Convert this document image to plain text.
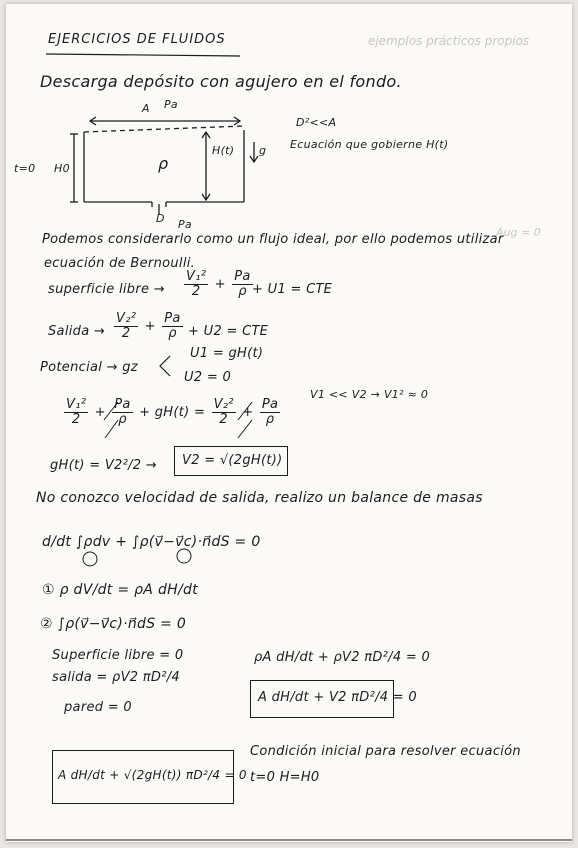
ejemplos prácticos propios
Aug = 0
EJERCICIOS DE FLUIDOS
Descarga depósito con agujero en el fondo.
A Pa
ρ
H(t) g
t=0 H0
D Pa
D²<<A
Ecuación que gobierne H(t)
Podemos considerarlo como un flujo ideal, por ello podemos utilizar
ecuación de Bernoulli.
superficie libre → $\frac{\text{V₁²}}{2} + \frac{Pa}{\rho} + U1$ = CTE
Salida → $\frac{\text{V₂²}}{2} + \frac{Pa}{\rho} + U2$ = CTE
Potencial → gz
U1 = gH(t)
U2 = 0
$\frac{\text{V₁²}}{2} + \frac{Pa}{\rho} + gH(t) = \frac{\text{V₂²}}{2} + \frac{Pa}{\rho}$
V1 << V2 → V1² ≈ 0
gH(t) = V2²/2 → V2 = √(2gH(t))
No conozco velocidad de salida, realizo un balance de masas
d/dt ∫ρdv + ∫ρ(v⃗−v⃗c)·n⃗dS = 0
① ρ dV/dt = ρA dH/dt
② ∫ρ(v⃗−v⃗c)·n⃗dS = 0
Superficie libre = 0
salida = ρV2 πD²/4
pared = 0
ρA dH/dt + ρV2 πD²/4 = 0
A dH/dt + V2 πD²/4 = 0
A dH/dt + √(2gH(t)) πD²/4 = 0
Condición inicial para resolver ecuación
t=0 H=H0
